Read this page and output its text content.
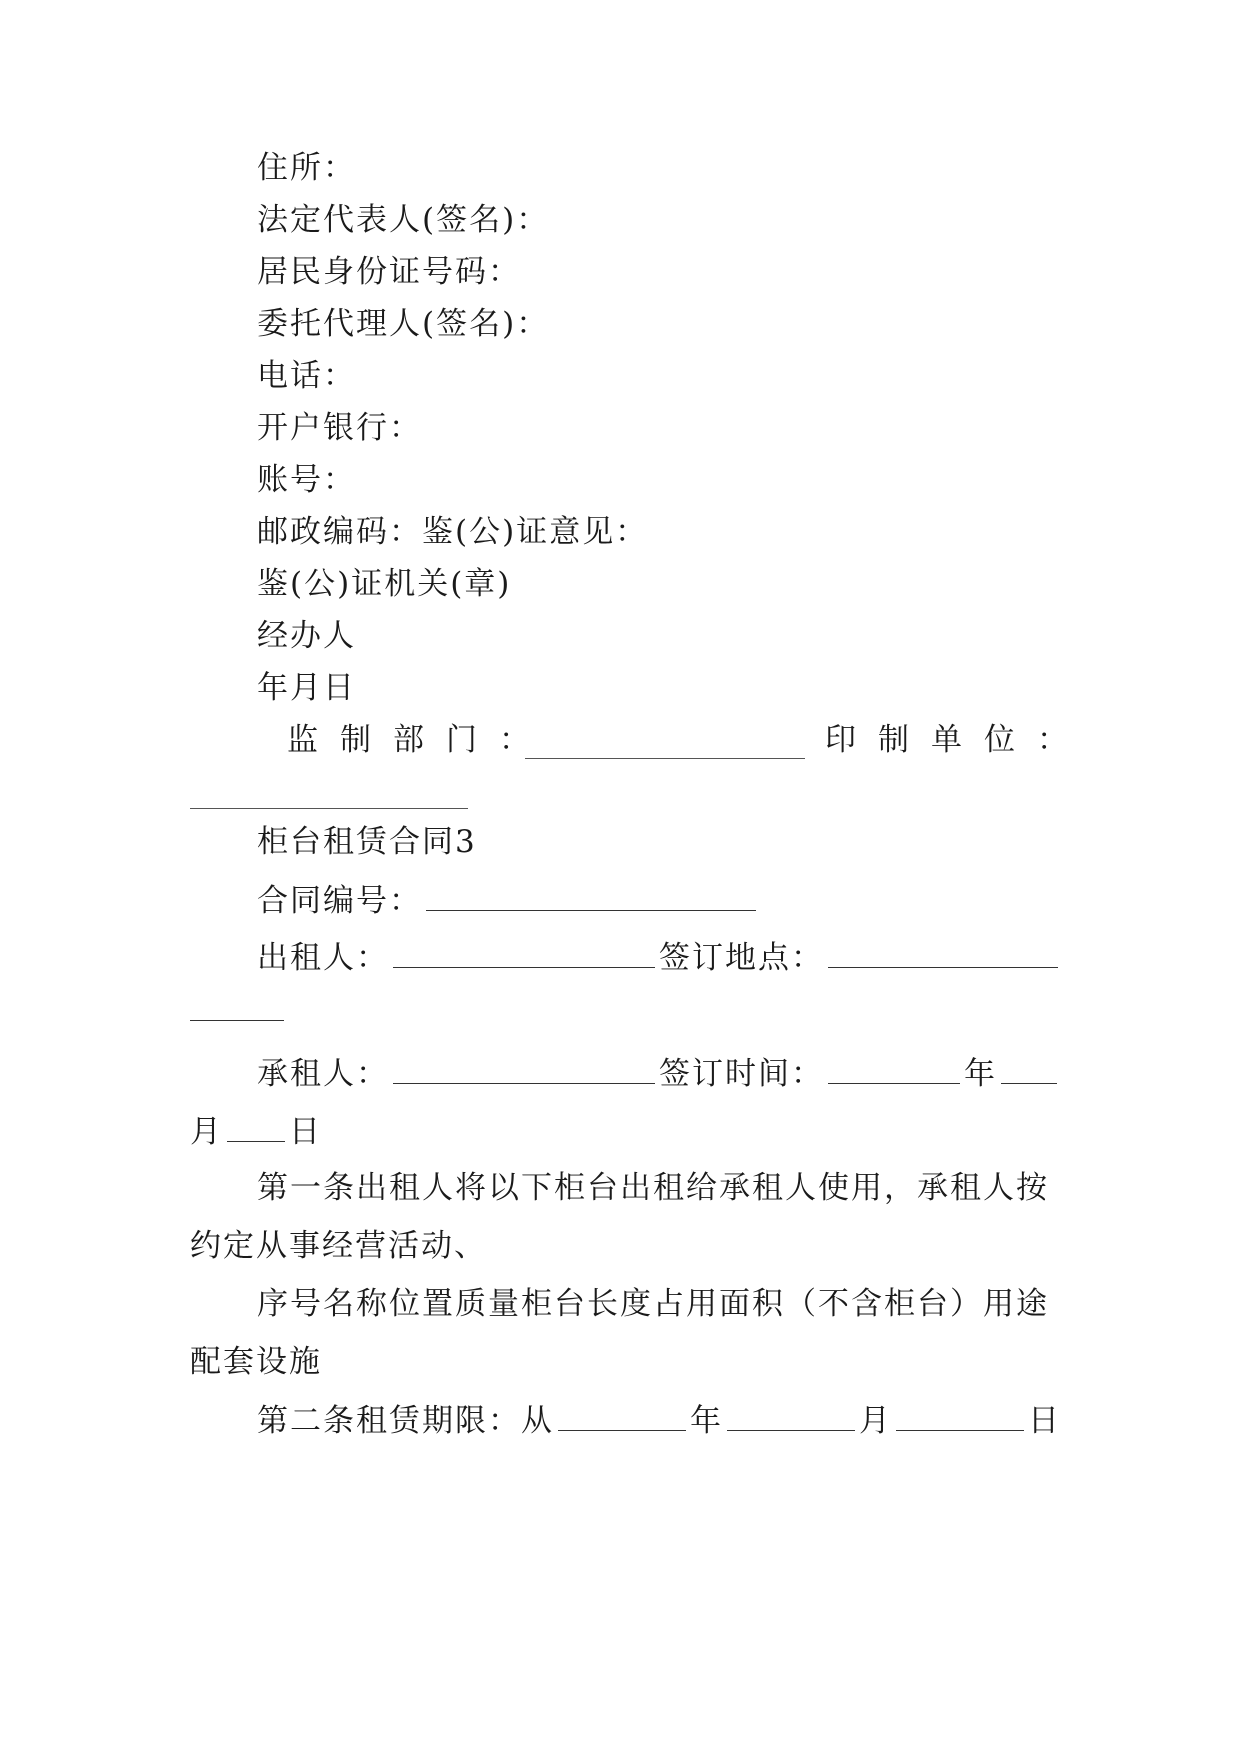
住所：
法定代表人(签名)：
居民身份证号码：
委托代理人(签名)：
电话：
开户银行：
账号：
邮政编码：鉴(公)证意见：
鉴(公)证机关(章)
经办人
年月日
监制部门：	印制单位：
柜台租赁合同3
合同编号：
出租人：	签订地点：
承租人：	签订时间：	年
月 日
第一条出租人将以下柜台出租给承租人使用，承租人按
约定从事经营活动、
序号名称位置质量柜台长度占用面积（不含柜台）用途
配套设施
第二条租赁期限：从	年	月	日
